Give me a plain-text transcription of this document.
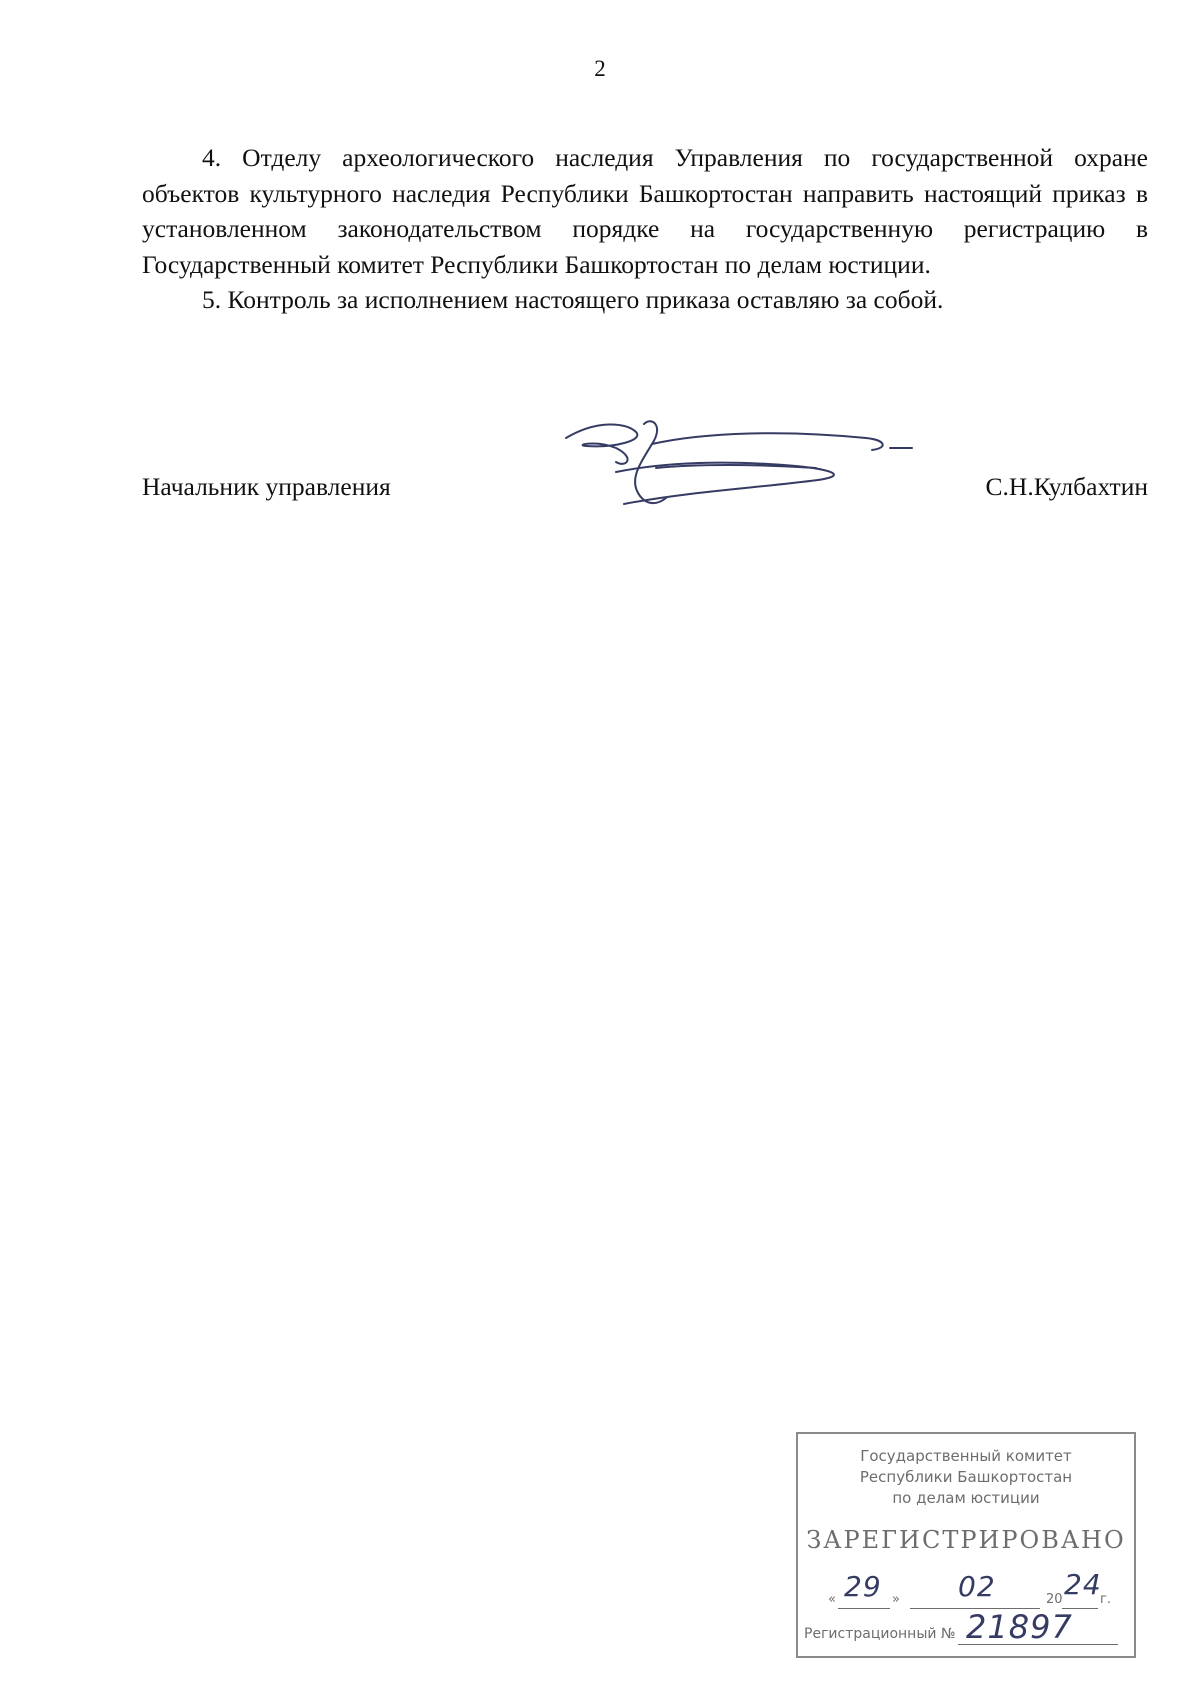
2

4. Отделу археологического наследия Управления по государственной охране объектов культурного наследия Республики Башкортостан направить настоящий приказ в установленном законодательством порядке на государственную регистрацию в Государственный комитет Республики Башкортостан по делам юстиции.

5. Контроль за исполнением настоящего приказа оставляю за собой.

Начальник управления	С.Н.Кулбахтин
Государственный комитет
Республики Башкортостан
по делам юстиции
ЗАРЕГИСТРИРОВАНО
« 29 » 02	20 24
г.
Регистрационный № 21897
